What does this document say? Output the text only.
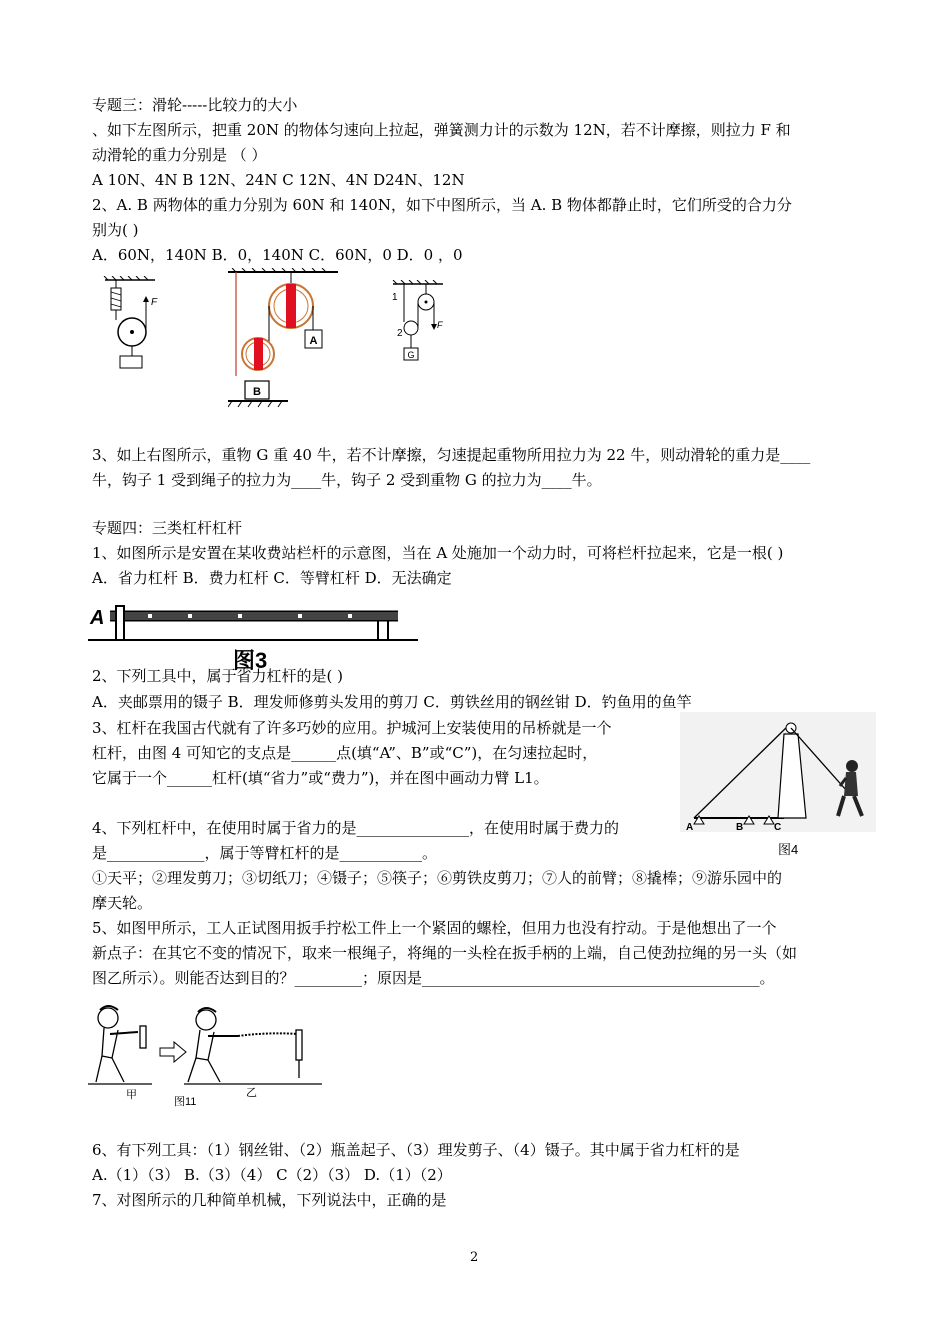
专题三：滑轮-----比较力的大小
、如下左图所示，把重 20N 的物体匀速向上拉起，弹簧测力计的示数为 12N，若不计摩擦，则拉力 F 和
动滑轮的重力分别是 （ ）
A 10N、4N B 12N、24N C 12N、4N D24N、12N
2、A. B 两物体的重力分别为 60N 和 140N，如下中图所示，当 A. B 物体都静止时，它们所受的合力分
别为( )
A．60N，140N B．0，140N C．60N，0 D．0 ，0
F
A
B
1
F
2
G
3、如上右图所示，重物 G 重 40 牛，若不计摩擦，匀速提起重物所用拉力为 22 牛，则动滑轮的重力是____
牛，钩子 1 受到绳子的拉力为____牛，钩子 2 受到重物 G 的拉力为____牛。
专题四：三类杠杆杠杆
1、如图所示是安置在某收费站栏杆的示意图，当在 A 处施加一个动力时，可将栏杆拉起来，它是一根( )
A．省力杠杆 B．费力杠杆 C．等臂杠杆 D．无法确定
A
图3
2、下列工具中，属于省力杠杆的是( )
A．夹邮票用的镊子 B．理发师修剪头发用的剪刀 C．剪铁丝用的钢丝钳 D．钓鱼用的鱼竿
3、杠杆在我国古代就有了许多巧妙的应用。护城河上安装使用的吊桥就是一个
杠杆，由图 4 可知它的支点是______点(填“A”、B”或“C”)，在匀速拉起时，
它属于一个______杠杆(填“省力”或“费力”)，并在图中画动力臂 L1。
A	B	C
图4
4、下列杠杆中，在使用时属于省力的是_______________，在使用时属于费力的
是_____________，属于等臂杠杆的是___________。
①天平；②理发剪刀；③切纸刀；④镊子；⑤筷子；⑥剪铁皮剪刀；⑦人的前臂；⑧撬棒；⑨游乐园中的
摩天轮。
5、如图甲所示，工人正试图用扳手拧松工件上一个紧固的螺栓，但用力也没有拧动。于是他想出了一个
新点子：在其它不变的情况下，取来一根绳子，将绳的一头栓在扳手柄的上端，自己使劲拉绳的另一头（如
图乙所示）。则能否达到目的？_________；原因是_____________________________________________。
甲	乙
图11
6、有下列工具：（1）钢丝钳、（2）瓶盖起子、（3）理发剪子、（4）镊子。其中属于省力杠杆的是
A.（1）（3） B.（3）（4） C（2）（3） D.（1）（2）
7、对图所示的几种简单机械，下列说法中，正确的是
2
